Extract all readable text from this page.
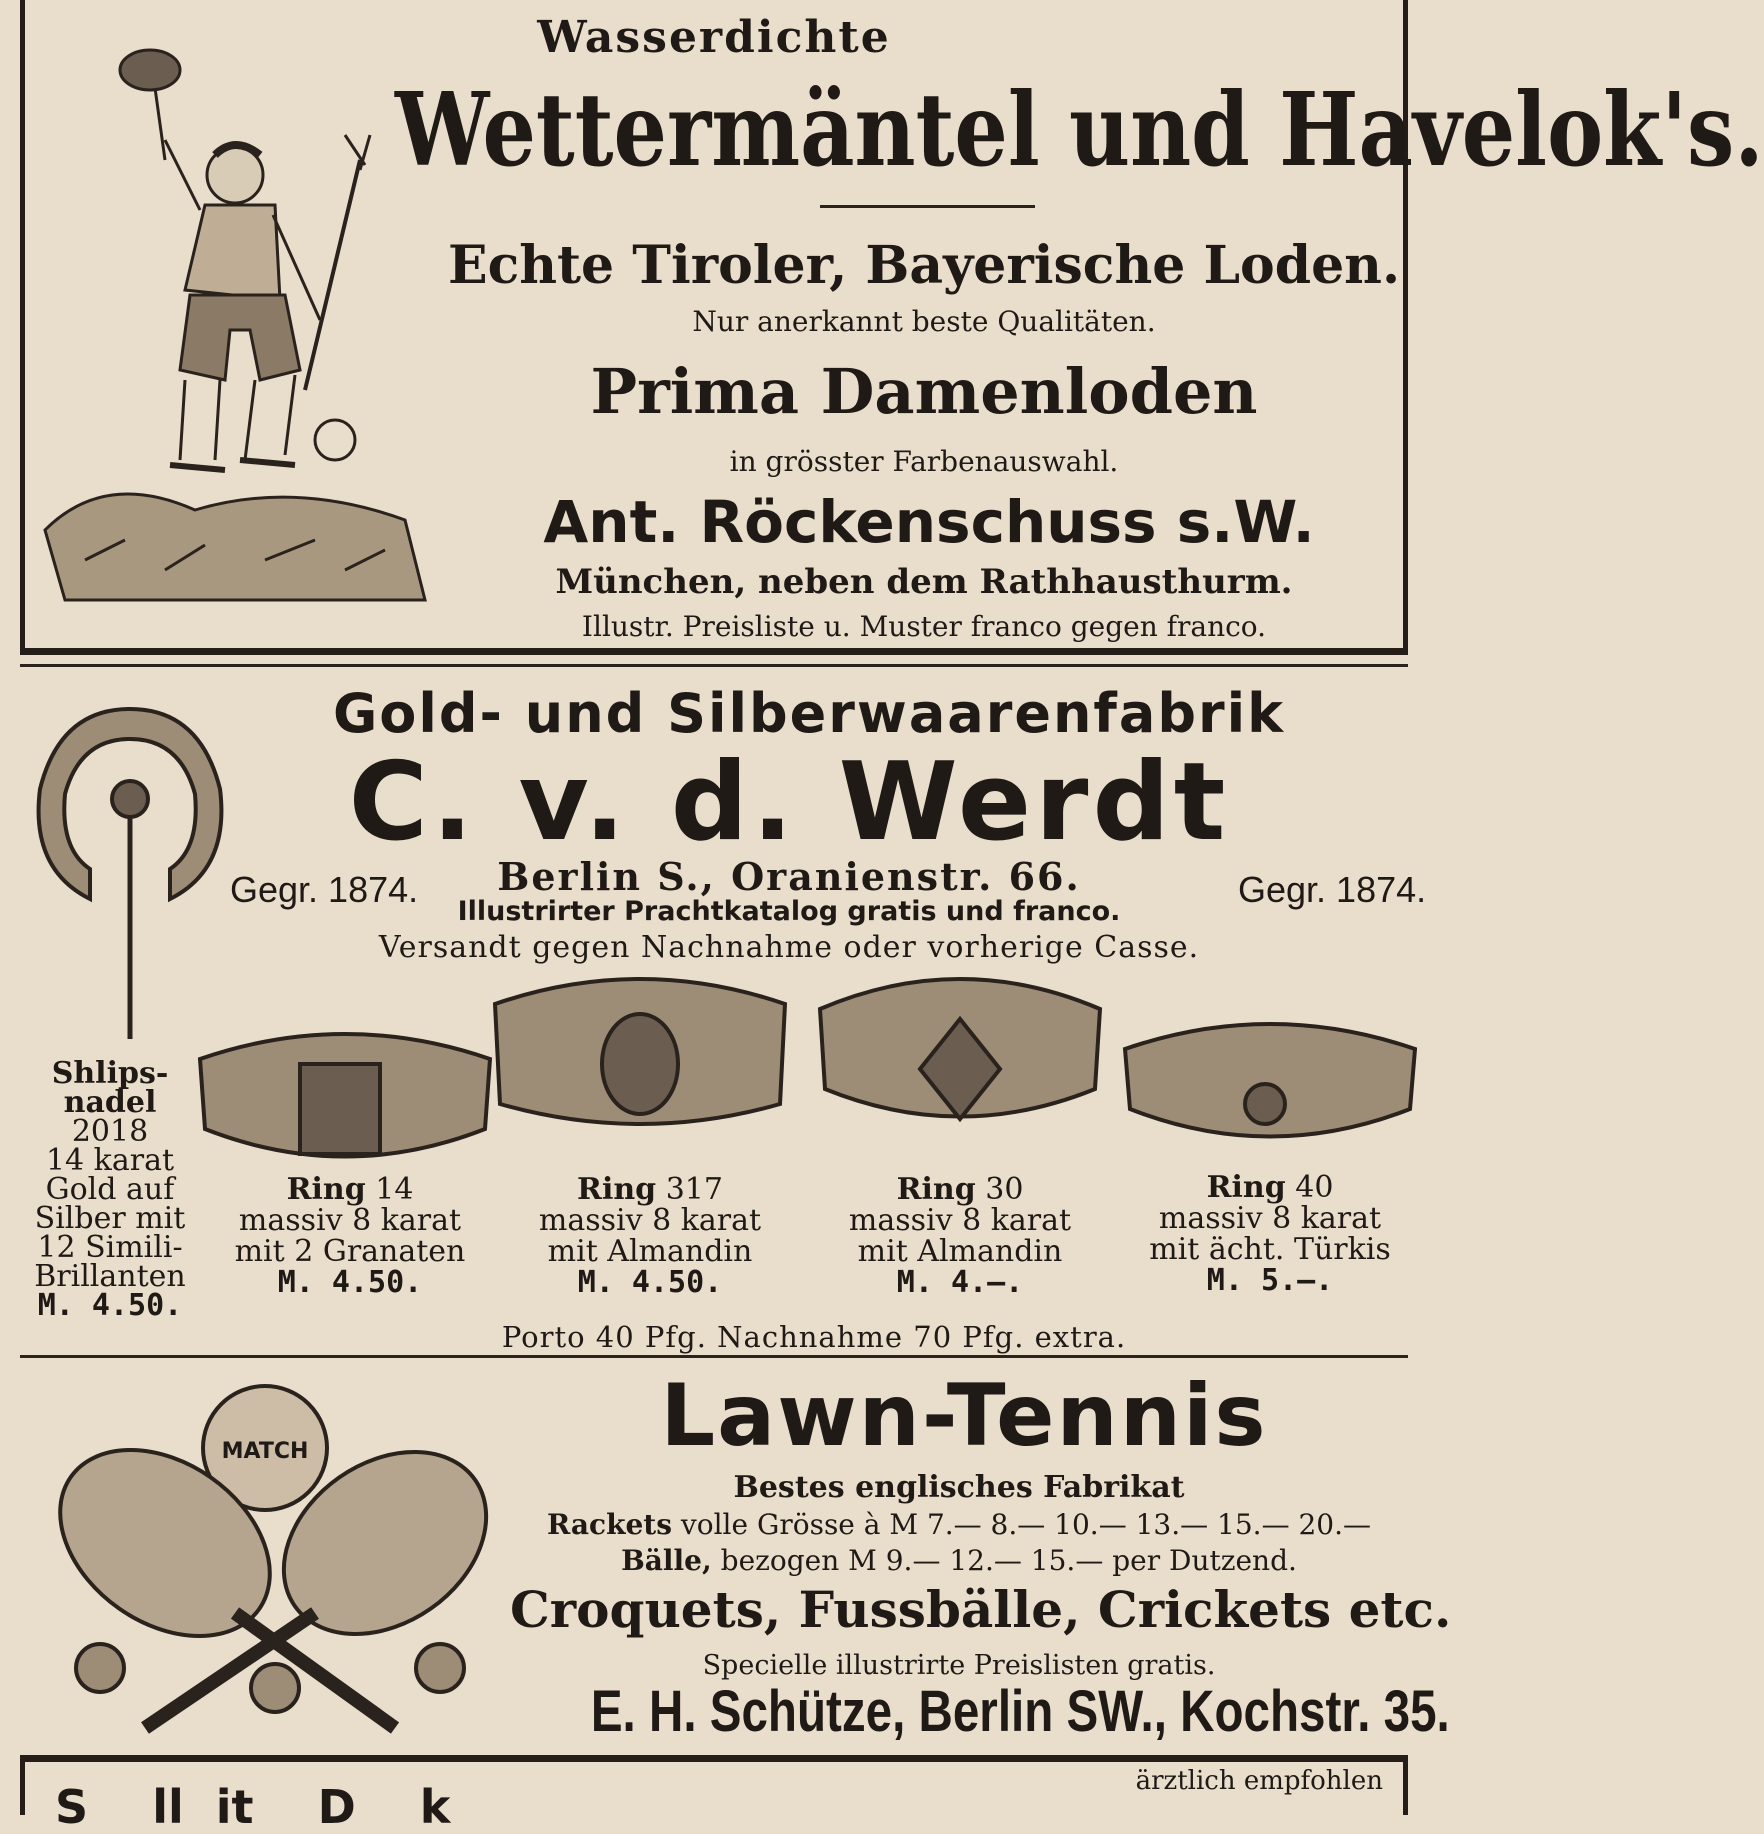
Wasserdichte
Wettermäntel und Havelok's.
Echte Tiroler, Bayerische Loden.
Nur anerkannt beste Qualitäten.
Prima Damenloden
in grösster Farbenauswahl.
Ant. Röckenschuss s.W.
München, neben dem Rathhausthurm.
Illustr. Preisliste u. Muster franco gegen franco.
Gold- und Silberwaarenfabrik
C. v. d. Werdt
Gegr. 1874.	Gegr. 1874.
Berlin S., Oranienstr. 66.
Illustrirter Prachtkatalog gratis und franco.
Versandt gegen Nachnahme oder vorherige Casse.
Shlips-
nadel
2018
14 karat
Gold auf
Silber mit
12 Simili-
Brillanten
M. 4.50.
Ring 14
massiv 8 karat
mit 2 Granaten
M. 4.50.
Ring 317
massiv 8 karat
mit Almandin
M. 4.50.
Ring 30
massiv 8 karat
mit Almandin
M. 4.—.
Ring 40
massiv 8 karat
mit ächt. Türkis
M. 5.—.
Porto 40 Pfg. Nachnahme 70 Pfg. extra.
MATCH	Lawn-Tennis
Bestes englisches Fabrikat
Rackets volle Grösse à M 7.— 8.— 10.— 13.— 15.— 20.—
Bälle, bezogen M 9.— 12.— 15.— per Dutzend.
Croquets, Fussbälle, Crickets etc.
Specielle illustrirte Preislisten gratis.
E. H. Schütze, Berlin SW., Kochstr. 35.
S    ll  it    D    k	ärztlich empfohlen
